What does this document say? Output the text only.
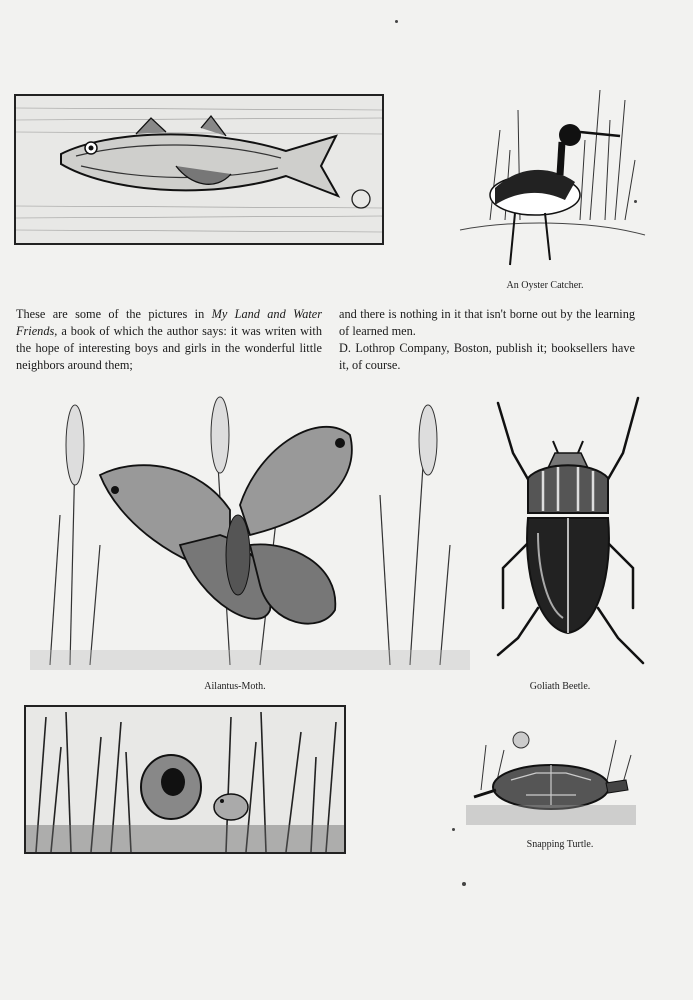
An Oyster Catcher.

These are some of the pictures in My Land and Water Friends, a book of which the author says: it was writen with the hope of interesting boys and girls in the wonderful little neighbors around them;

and there is nothing in it that isn't borne out by the learning of learned men.

D. Lothrop Company, Boston, publish it; booksellers have it, of course.

Ailantus-Moth.	Goliath Beetle.
Snapping Turtle.
